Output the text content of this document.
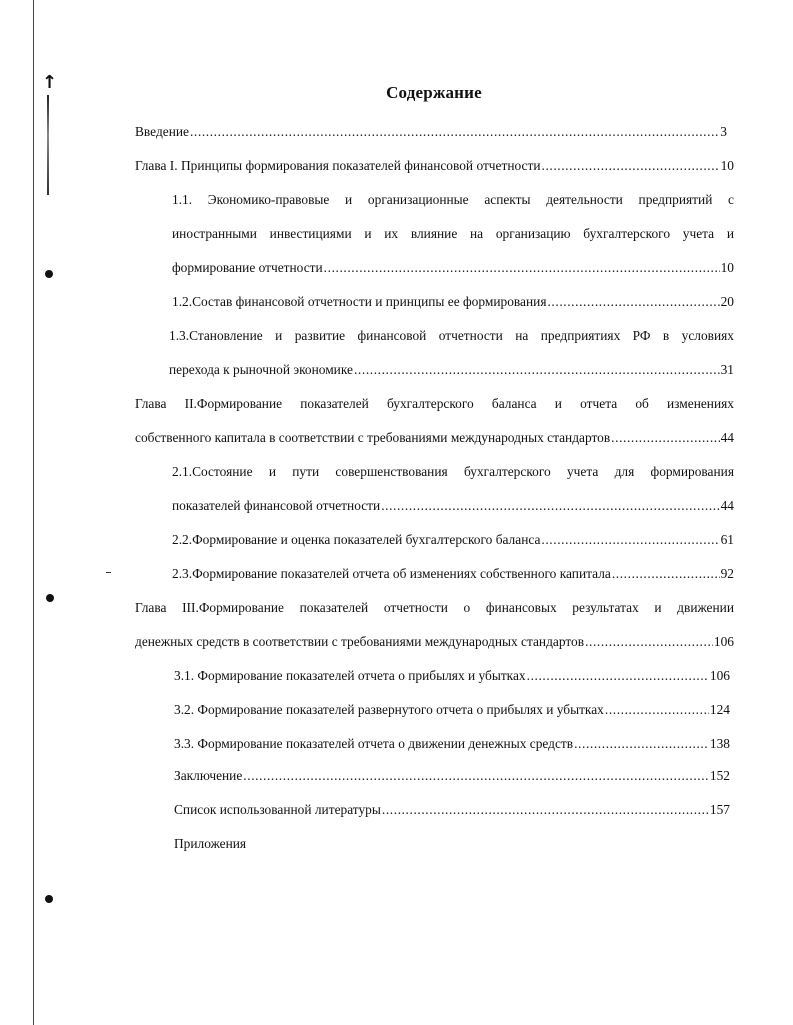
↑	Содержание
Введение .....	3
Глава I. Принципы формирования показателей финансовой отчетности .....	10
1.1. Экономико-правовые и организационные аспекты деятельности предприятий с
иностранными инвестициями и их влияние на организацию бухгалтерского учета и
формирование отчетности .....	10
1.2.Состав финансовой отчетности и принципы ее формирования .....	20
1.3.Становление и развитие финансовой отчетности на предприятиях РФ в условиях
перехода к рыночной экономике .....	31
Глава II.Формирование показателей бухгалтерского баланса и отчета об изменениях
собственного капитала в соответствии с требованиями международных стандартов .....	44
2.1.Состояние и пути совершенствования бухгалтерского учета для формирования
показателей финансовой отчетности .....	44
2.2.Формирование и оценка показателей бухгалтерского баланса .....	61
2.3.Формирование показателей отчета об изменениях собственного капитала .....	92
Глава III.Формирование показателей отчетности о финансовых результатах и движении
денежных средств в соответствии с требованиями международных стандартов .....	106
3.1. Формирование показателей отчета о прибылях и убытках .....	106
3.2. Формирование показателей развернутого отчета о прибылях и убытках .....	124
3.3. Формирование показателей отчета о движении денежных средств .....	138
Заключение .....	152
Список использованной литературы .....	157
Приложения
